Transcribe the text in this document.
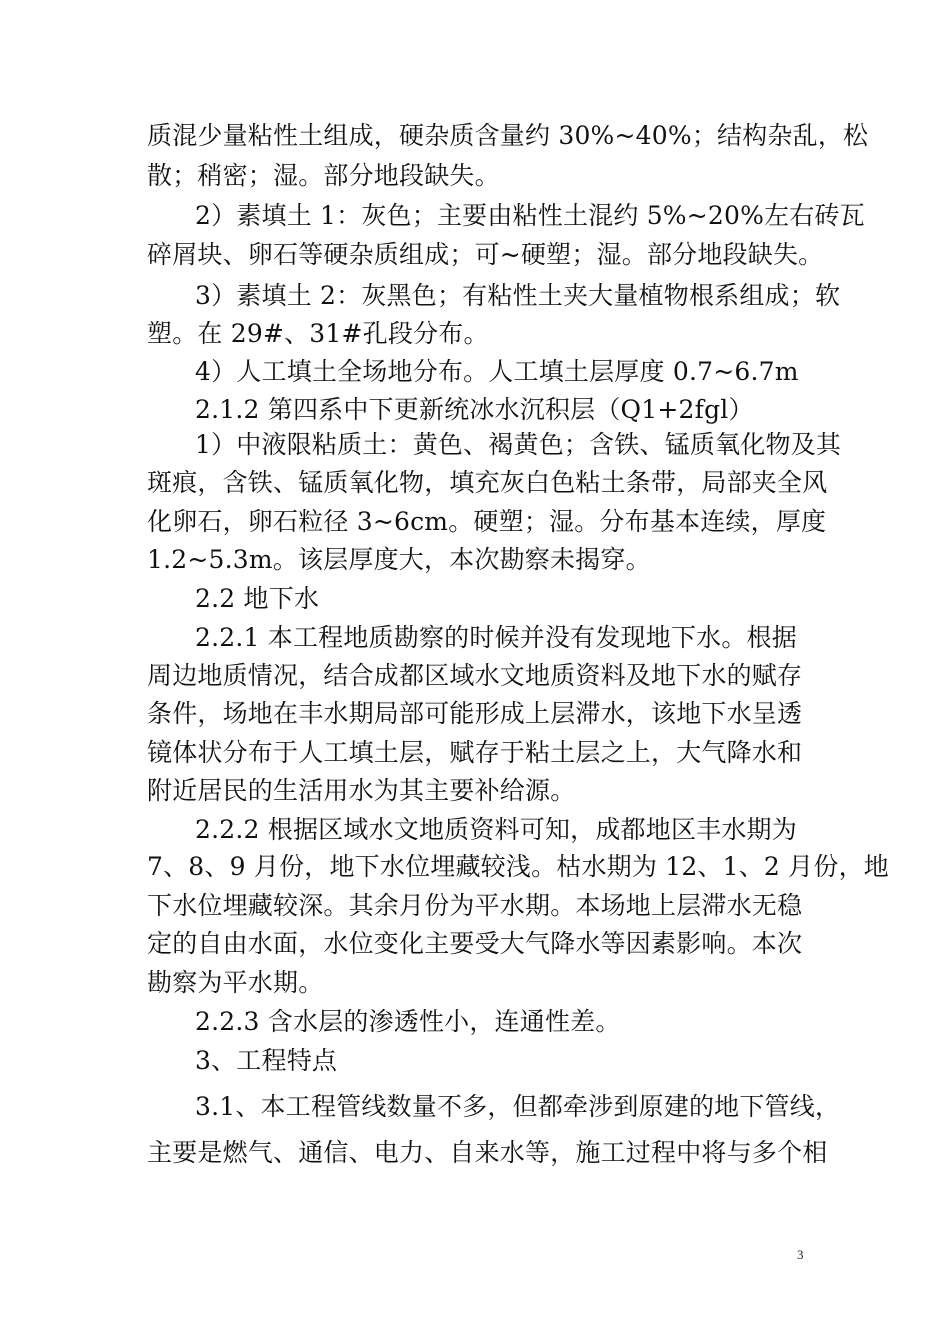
质混少量粘性土组成，硬杂质含量约 30%~40%；结构杂乱，松
散；稍密；湿。部分地段缺失。
2）素填土 1：灰色；主要由粘性土混约 5%~20%左右砖瓦
碎屑块、卵石等硬杂质组成；可~硬塑；湿。部分地段缺失。
3）素填土 2：灰黑色；有粘性土夹大量植物根系组成；软
塑。在 29#、31#孔段分布。
4）人工填土全场地分布。人工填土层厚度 0.7~6.7m
2.1.2 第四系中下更新统冰水沉积层（Q1+2fgl）
1）中液限粘质土：黄色、褐黄色；含铁、锰质氧化物及其
斑痕，含铁、锰质氧化物，填充灰白色粘土条带，局部夹全风
化卵石，卵石粒径 3~6cm。硬塑；湿。分布基本连续，厚度
1.2~5.3m。该层厚度大，本次勘察未揭穿。
2.2 地下水
2.2.1 本工程地质勘察的时候并没有发现地下水。根据
周边地质情况，结合成都区域水文地质资料及地下水的赋存
条件，场地在丰水期局部可能形成上层滞水，该地下水呈透
镜体状分布于人工填土层，赋存于粘土层之上，大气降水和
附近居民的生活用水为其主要补给源。
2.2.2 根据区域水文地质资料可知，成都地区丰水期为
7、8、9 月份，地下水位埋藏较浅。枯水期为 12、1、2 月份，地
下水位埋藏较深。其余月份为平水期。本场地上层滞水无稳
定的自由水面，水位变化主要受大气降水等因素影响。本次
勘察为平水期。
2.2.3 含水层的渗透性小，连通性差。
3、工程特点
3.1、本工程管线数量不多，但都牵涉到原建的地下管线，
主要是燃气、通信、电力、自来水等，施工过程中将与多个相
3
